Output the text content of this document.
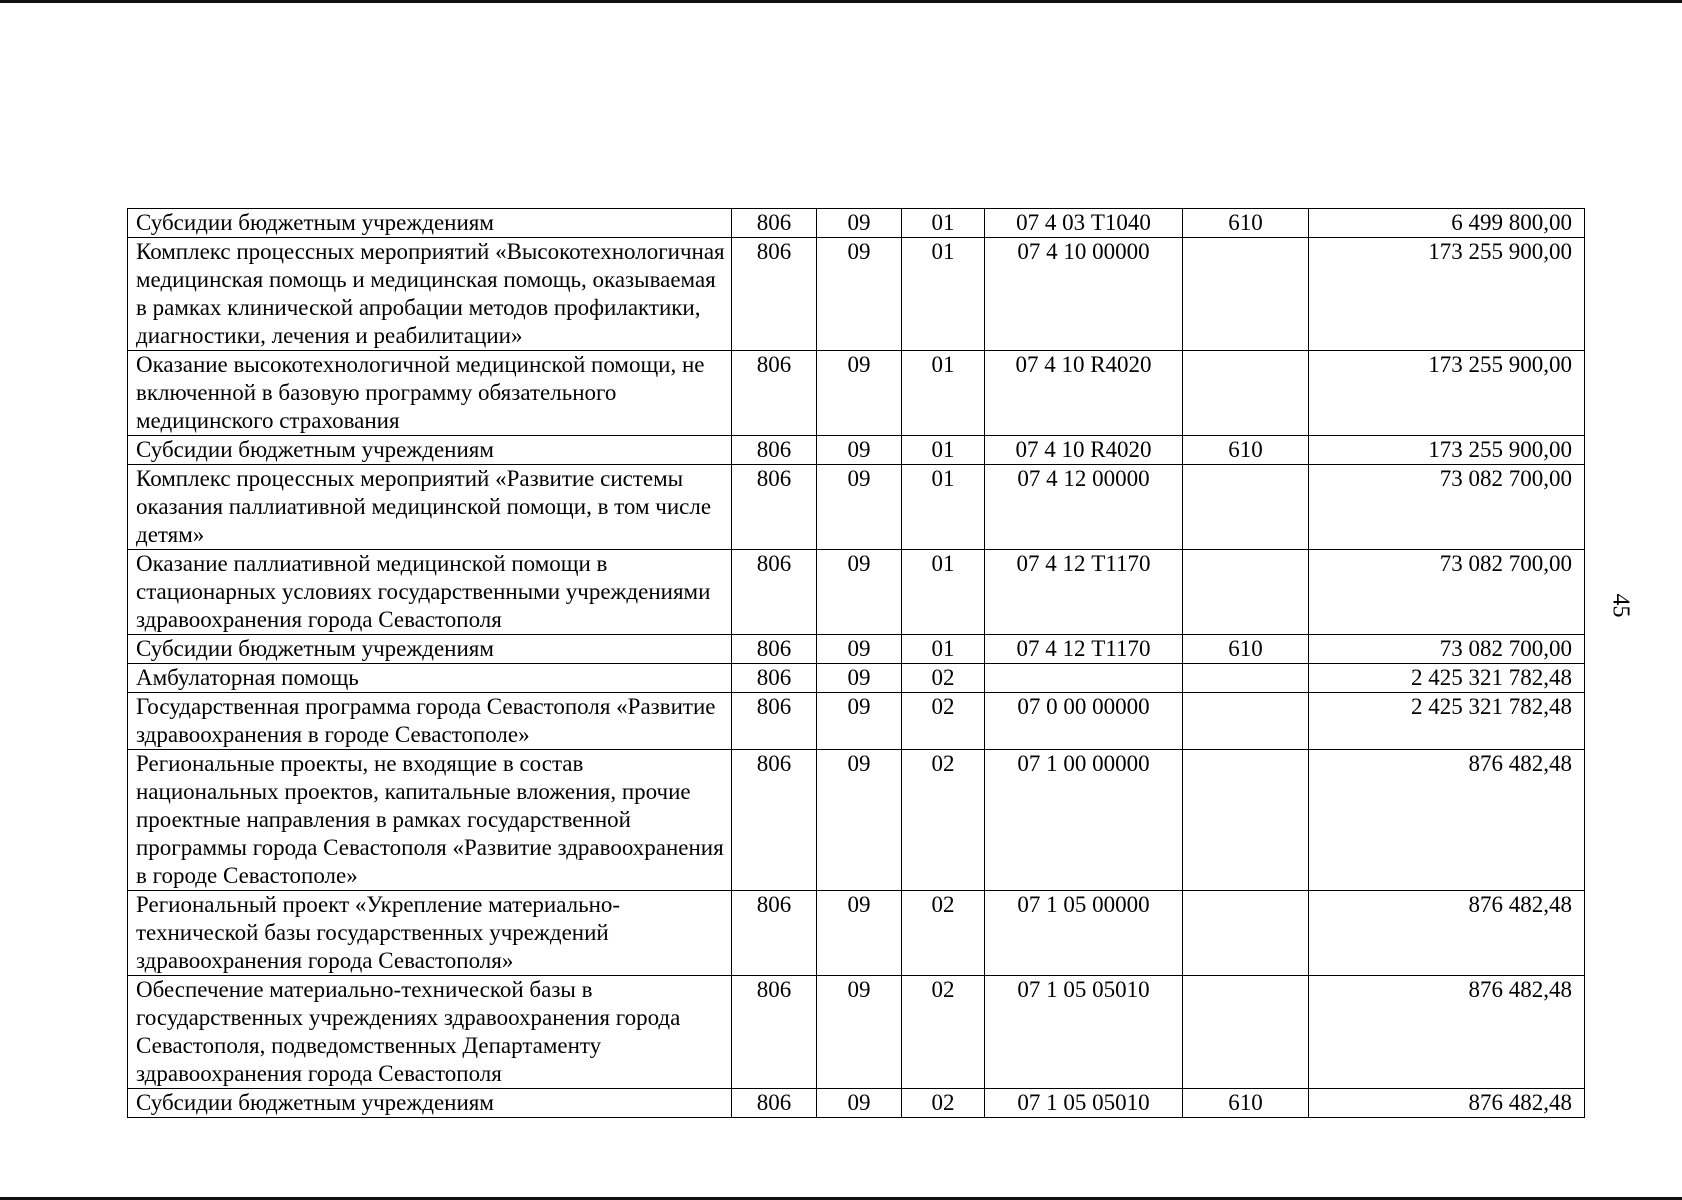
Субсидии бюджетным учреждениям	806	09	01	07 4 03 Т1040	610	6 499 800,00
Комплекс процессных мероприятий «Высокотехнологичная медицинская помощь и медицинская помощь, оказываемая в рамках клинической апробации методов профилактики, диагностики, лечения и реабилитации»	806	09	01	07 4 10 00000		173 255 900,00
Оказание высокотехнологичной медицинской помощи, не включенной в базовую программу обязательного медицинского страхования	806	09	01	07 4 10 R4020		173 255 900,00
Субсидии бюджетным учреждениям	806	09	01	07 4 10 R4020	610	173 255 900,00
Комплекс процессных мероприятий «Развитие системы оказания паллиативной медицинской помощи, в том числе детям»	806	09	01	07 4 12 00000		73 082 700,00
Оказание паллиативной медицинской помощи в стационарных условиях государственными учреждениями здравоохранения города Севастополя	806	09	01	07 4 12 Т1170		73 082 700,00
Субсидии бюджетным учреждениям	806	09	01	07 4 12 Т1170	610	73 082 700,00
Амбулаторная помощь	806	09	02			2 425 321 782,48
Государственная программа города Севастополя «Развитие здравоохранения в городе Севастополе»	806	09	02	07 0 00 00000		2 425 321 782,48
Региональные проекты, не входящие в состав национальных проектов, капитальные вложения, прочие проектные направления в рамках государственной программы города Севастополя «Развитие здравоохранения в городе Севастополе»	806	09	02	07 1 00 00000		876 482,48
Региональный проект «Укрепление материально-технической базы государственных учреждений здравоохранения города Севастополя»	806	09	02	07 1 05 00000		876 482,48
Обеспечение материально-технической базы в государственных учреждениях здравоохранения города Севастополя, подведомственных Департаменту здравоохранения города Севастополя	806	09	02	07 1 05 05010		876 482,48
Субсидии бюджетным учреждениям	806	09	02	07 1 05 05010	610	876 482,48
45
